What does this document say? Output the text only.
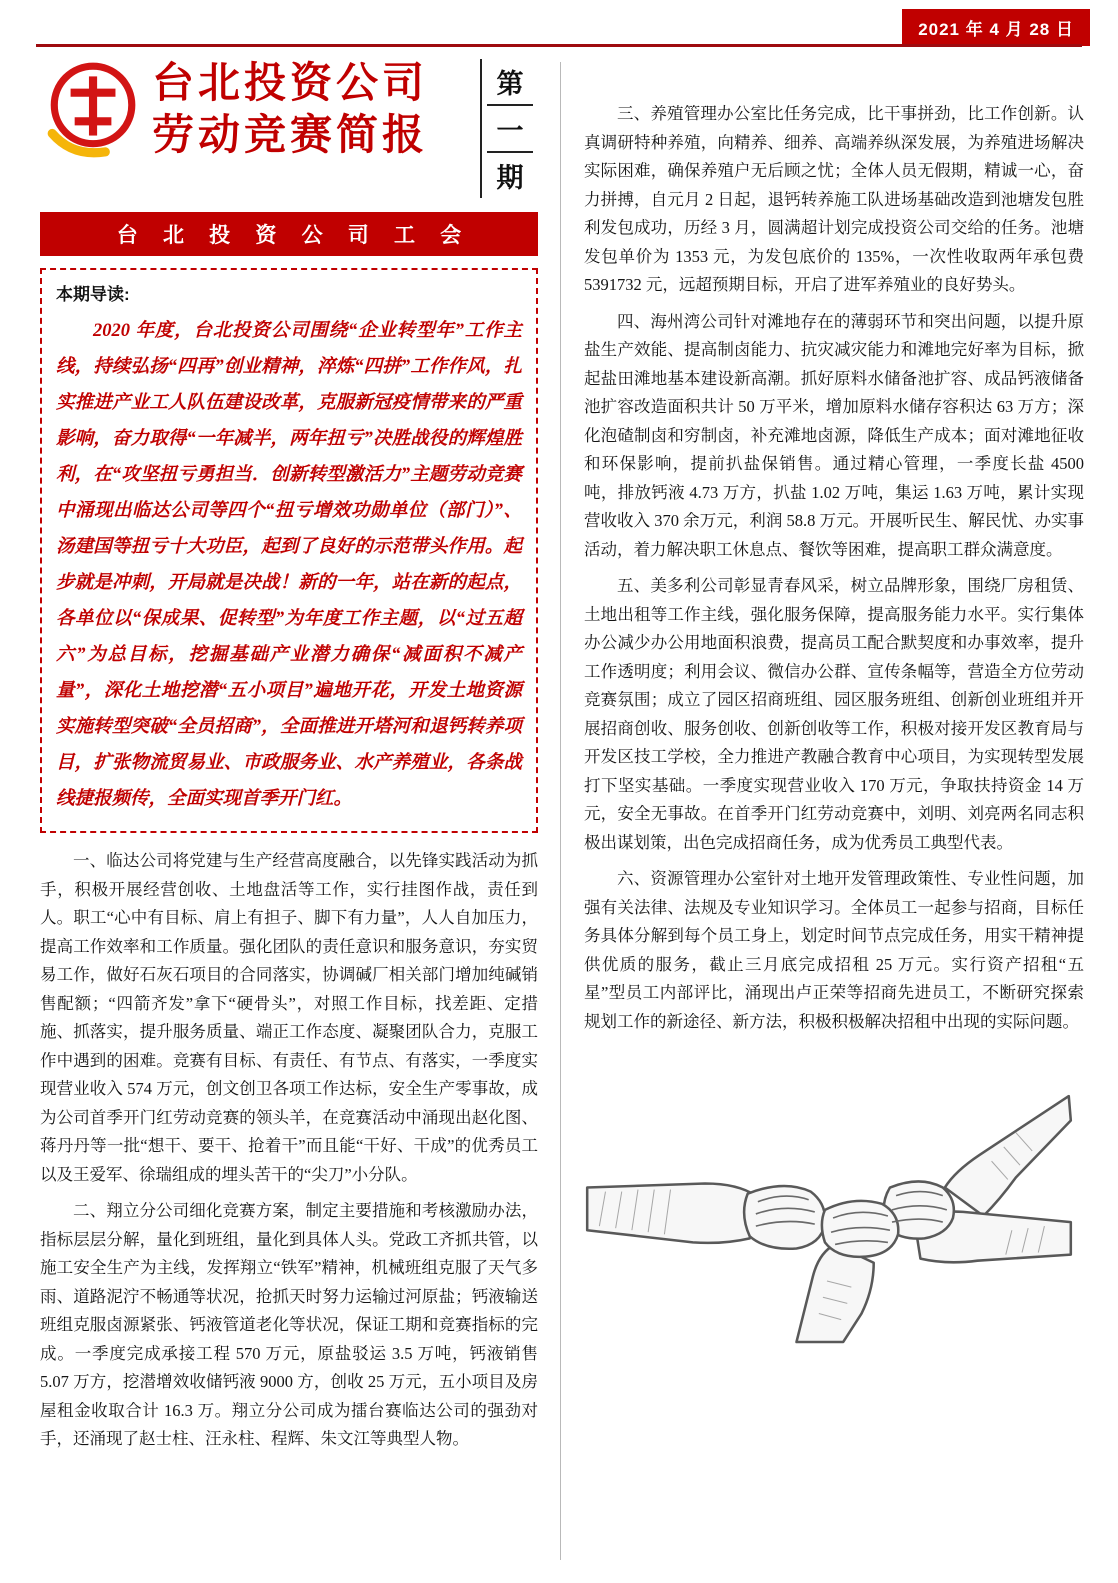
2021 年 4 月 28 日
台北投资公司
劳动竞赛简报
第
一
期
台北投资公司工会
本期导读:

2020 年度，台北投资公司围绕“企业转型年”工作主线，持续弘扬“四再”创业精神，淬炼“四拼”工作作风，扎实推进产业工人队伍建设改革，克服新冠疫情带来的严重影响，奋力取得“一年减半，两年扭亏”决胜战役的辉煌胜利，在“攻坚扭亏勇担当．创新转型激活力”主题劳动竞赛中涌现出临达公司等四个“扭亏增效功勋单位（部门）”、汤建国等扭亏十大功臣，起到了良好的示范带头作用。起步就是冲刺，开局就是决战！新的一年，站在新的起点，各单位以“保成果、促转型”为年度工作主题，以“过五超六”为总目标，挖掘基础产业潜力确保“减面积不减产量”，深化土地挖潜“五小项目”遍地开花，开发土地资源实施转型突破“全员招商”，全面推进开塔河和退钙转养项目，扩张物流贸易业、市政服务业、水产养殖业，各条战线捷报频传，全面实现首季开门红。

一、临达公司将党建与生产经营高度融合，以先锋实践活动为抓手，积极开展经营创收、土地盘活等工作，实行挂图作战，责任到人。职工“心中有目标、肩上有担子、脚下有力量”，人人自加压力，提高工作效率和工作质量。强化团队的责任意识和服务意识，夯实贸易工作，做好石灰石项目的合同落实，协调碱厂相关部门增加纯碱销售配额；“四箭齐发”拿下“硬骨头”，对照工作目标，找差距、定措施、抓落实，提升服务质量、端正工作态度、凝聚团队合力，克服工作中遇到的困难。竞赛有目标、有责任、有节点、有落实，一季度实现营业收入 574 万元，创文创卫各项工作达标，安全生产零事故，成为公司首季开门红劳动竞赛的领头羊，在竞赛活动中涌现出赵化图、蒋丹丹等一批“想干、要干、抢着干”而且能“干好、干成”的优秀员工以及王爱军、徐瑞组成的埋头苦干的“尖刀”小分队。

二、翔立分公司细化竞赛方案，制定主要措施和考核激励办法，指标层层分解，量化到班组，量化到具体人头。党政工齐抓共管，以施工安全生产为主线，发挥翔立“铁军”精神，机械班组克服了天气多雨、道路泥泞不畅通等状况，抢抓天时努力运输过河原盐；钙液输送班组克服卤源紧张、钙液管道老化等状况，保证工期和竞赛指标的完成。一季度完成承接工程 570 万元，原盐驳运 3.5 万吨，钙液销售 5.07 万方，挖潜增效收储钙液 9000 方，创收 25 万元，五小项目及房屋租金收取合计 16.3 万。翔立分公司成为擂台赛临达公司的强劲对手，还涌现了赵士柱、汪永柱、程辉、朱文江等典型人物。

三、养殖管理办公室比任务完成，比干事拼劲，比工作创新。认真调研特种养殖，向精养、细养、高端养纵深发展，为养殖进场解决实际困难，确保养殖户无后顾之忧；全体人员无假期，精诚一心，奋力拼搏，自元月 2 日起，退钙转养施工队进场基础改造到池塘发包胜利发包成功，历经 3 月，圆满超计划完成投资公司交给的任务。池塘发包单价为 1353 元，为发包底价的 135%，一次性收取两年承包费 5391732 元，远超预期目标，开启了进军养殖业的良好势头。

四、海州湾公司针对滩地存在的薄弱环节和突出问题，以提升原盐生产效能、提高制卤能力、抗灾减灾能力和滩地完好率为目标，掀起盐田滩地基本建设新高潮。抓好原料水储备池扩容、成品钙液储备池扩容改造面积共计 50 万平米，增加原料水储存容积达 63 万方；深化泡碴制卤和穷制卤，补充滩地卤源，降低生产成本；面对滩地征收和环保影响，提前扒盐保销售。通过精心管理，一季度长盐 4500 吨，排放钙液 4.73 万方，扒盐 1.02 万吨，集运 1.63 万吨，累计实现营收收入 370 余万元，利润 58.8 万元。开展听民生、解民忧、办实事活动，着力解决职工休息点、餐饮等困难，提高职工群众满意度。

五、美多利公司彰显青春风采，树立品牌形象，围绕厂房租赁、土地出租等工作主线，强化服务保障，提高服务能力水平。实行集体办公减少办公用地面积浪费，提高员工配合默契度和办事效率，提升工作透明度；利用会议、微信办公群、宣传条幅等，营造全方位劳动竞赛氛围；成立了园区招商班组、园区服务班组、创新创业班组并开展招商创收、服务创收、创新创收等工作，积极对接开发区教育局与开发区技工学校，全力推进产教融合教育中心项目，为实现转型发展打下坚实基础。一季度实现营业收入 170 万元，争取扶持资金 14 万元，安全无事故。在首季开门红劳动竞赛中，刘明、刘亮两名同志积极出谋划策，出色完成招商任务，成为优秀员工典型代表。

六、资源管理办公室针对土地开发管理政策性、专业性问题，加强有关法律、法规及专业知识学习。全体员工一起参与招商，目标任务具体分解到每个员工身上，划定时间节点完成任务，用实干精神提供优质的服务，截止三月底完成招租 25 万元。实行资产招租“五星”型员工内部评比，涌现出卢正荣等招商先进员工，不断研究探索规划工作的新途径、新方法，积极积极解决招租中出现的实际问题。
